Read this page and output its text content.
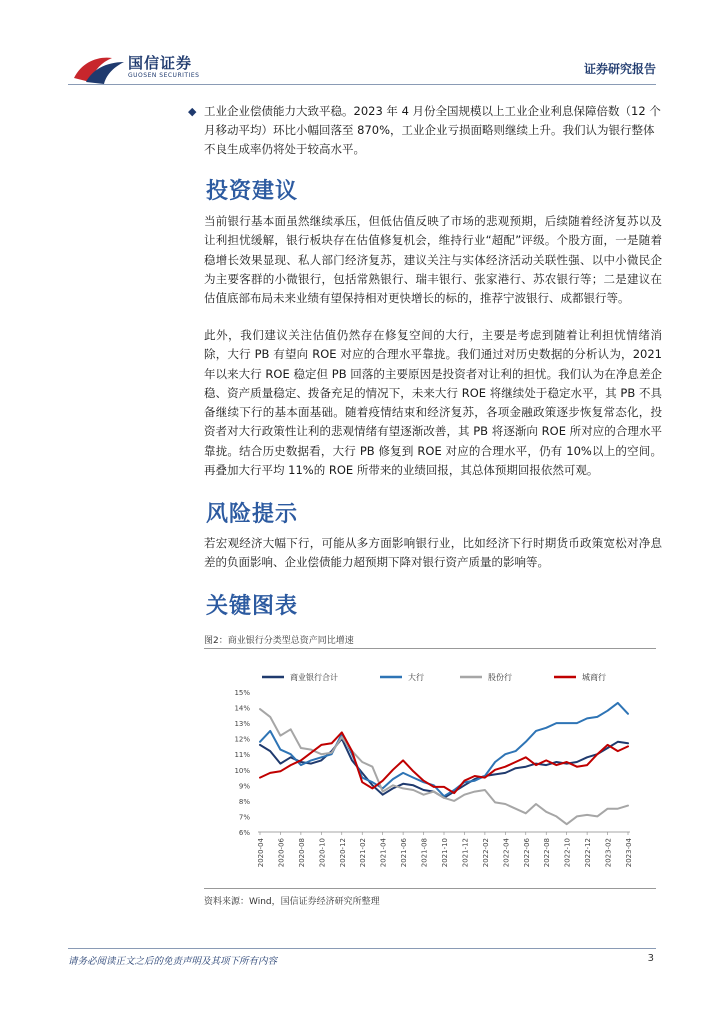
国信证券
GUOSEN SECURITIES	证券研究报告
◆ 工业企业偿债能力大致平稳。2023 年 4 月份全国规模以上工业企业利息保障倍数（12 个月移动平均）环比小幅回落至 870%，工业企业亏损面略则继续上升。我们认为银行整体不良生成率仍将处于较高水平。
投资建议
当前银行基本面虽然继续承压，但低估值反映了市场的悲观预期，后续随着经济复苏以及让利担忧缓解，银行板块存在估值修复机会，维持行业“超配”评级。个股方面，一是随着稳增长效果显现、私人部门经济复苏，建议关注与实体经济活动关联性强、以中小微民企为主要客群的小微银行，包括常熟银行、瑞丰银行、张家港行、苏农银行等；二是建议在估值底部布局未来业绩有望保持相对更快增长的标的，推荐宁波银行、成都银行等。
此外，我们建议关注估值仍然存在修复空间的大行，主要是考虑到随着让利担忧情绪消除，大行 PB 有望向 ROE 对应的合理水平靠拢。我们通过对历史数据的分析认为，2021 年以来大行 ROE 稳定但 PB 回落的主要原因是投资者对让利的担忧。我们认为在净息差企稳、资产质量稳定、拨备充足的情况下，未来大行 ROE 将继续处于稳定水平，其 PB 不具备继续下行的基本面基础。随着疫情结束和经济复苏，各项金融政策逐步恢复常态化，投资者对大行政策性让利的悲观情绪有望逐渐改善，其 PB 将逐渐向 ROE 所对应的合理水平靠拢。结合历史数据看，大行 PB 修复到 ROE 对应的合理水平，仍有 10%以上的空间。再叠加大行平均 11%的 ROE 所带来的业绩回报，其总体预期回报依然可观。
风险提示
若宏观经济大幅下行，可能从多方面影响银行业，比如经济下行时期货币政策宽松对净息差的负面影响、企业偿债能力超预期下降对银行资产质量的影响等。
关键图表
图2：商业银行分类型总资产同比增速
商业银行合计	大行	股份行	城商行
15%
14%
13%
12%
11%
10%
9%
8%
7%
6%
2020-04 2020-06 2020-08 2020-10 2020-12 2021-02 2021-04 2021-06 2021-08 2021-10 2021-12 2022-02 2022-04 2022-06 2022-08 2022-10 2022-12 2023-02 2023-04
资料来源：Wind，国信证券经济研究所整理
请务必阅读正文之后的免责声明及其项下所有内容	3
